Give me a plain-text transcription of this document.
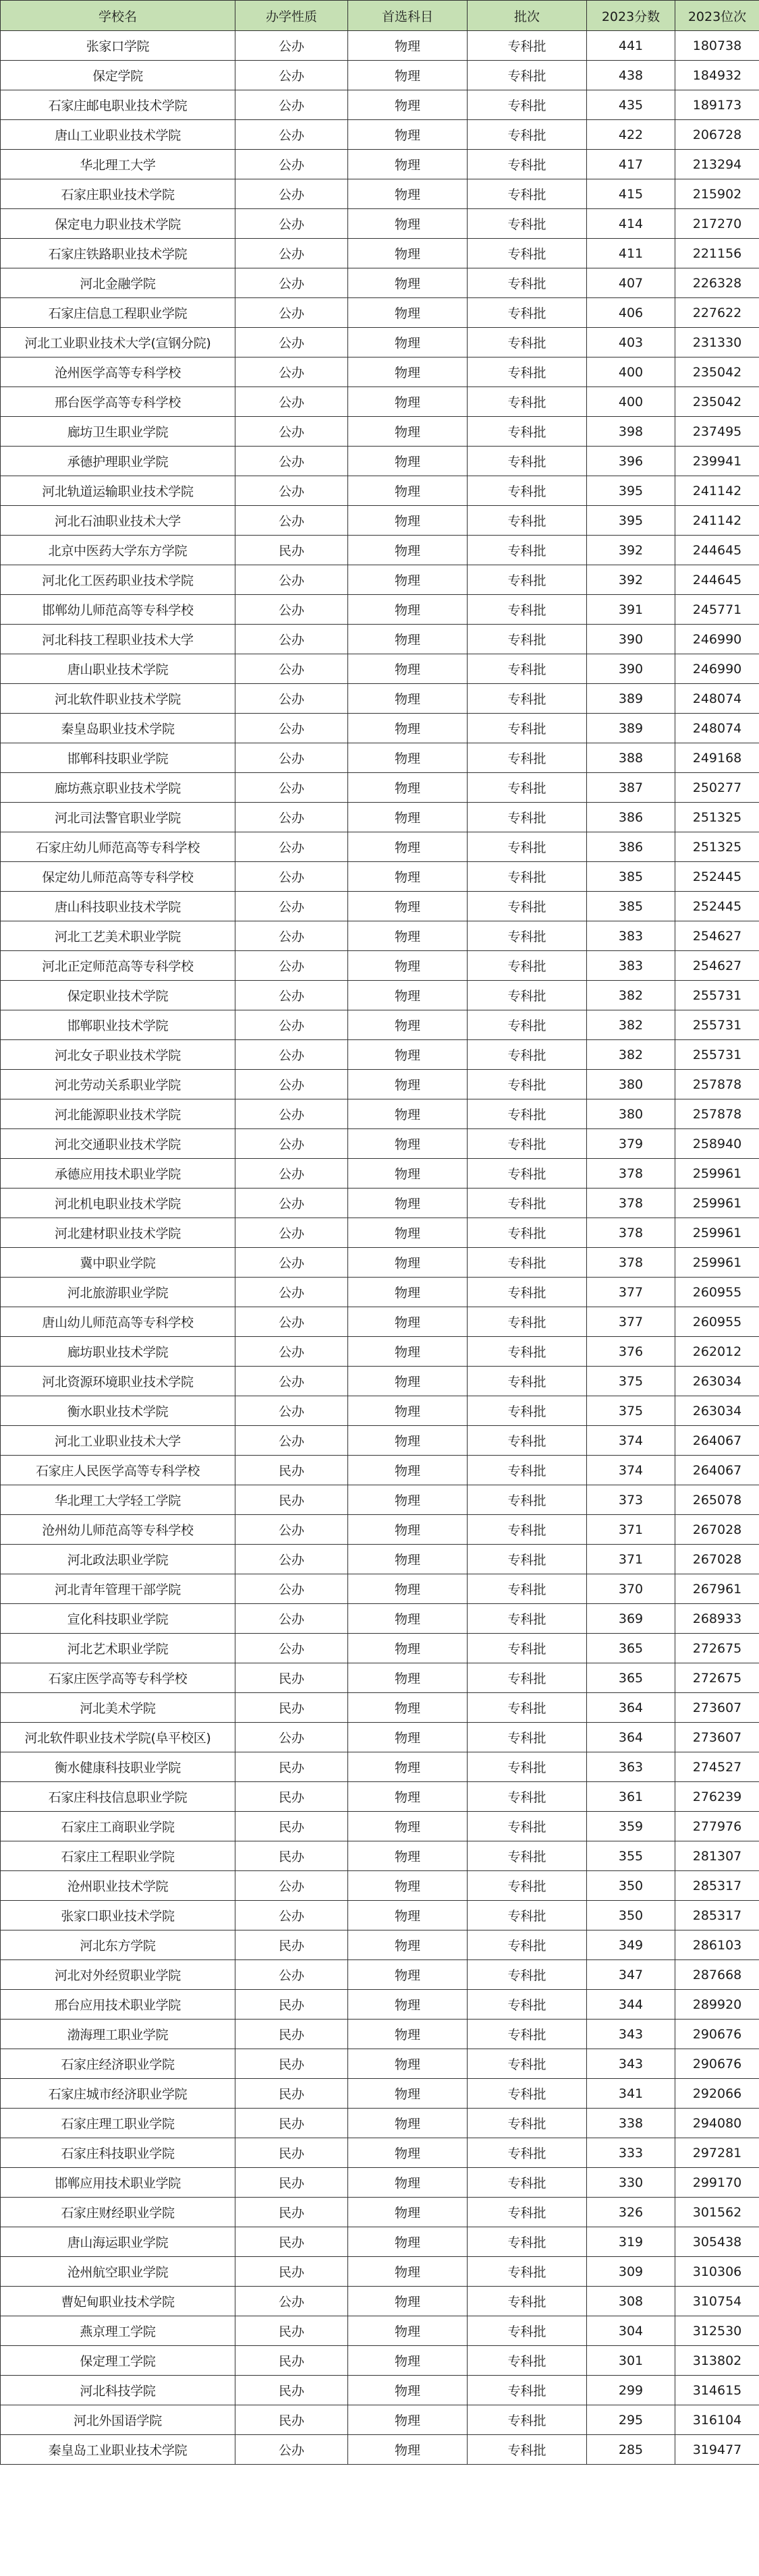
学校名	办学性质	首选科目	批次	2023分数	2023位次
张家口学院	公办	物理	专科批	441	180738
保定学院	公办	物理	专科批	438	184932
石家庄邮电职业技术学院	公办	物理	专科批	435	189173
唐山工业职业技术学院	公办	物理	专科批	422	206728
华北理工大学	公办	物理	专科批	417	213294
石家庄职业技术学院	公办	物理	专科批	415	215902
保定电力职业技术学院	公办	物理	专科批	414	217270
石家庄铁路职业技术学院	公办	物理	专科批	411	221156
河北金融学院	公办	物理	专科批	407	226328
石家庄信息工程职业学院	公办	物理	专科批	406	227622
河北工业职业技术大学(宣钢分院)	公办	物理	专科批	403	231330
沧州医学高等专科学校	公办	物理	专科批	400	235042
邢台医学高等专科学校	公办	物理	专科批	400	235042
廊坊卫生职业学院	公办	物理	专科批	398	237495
承德护理职业学院	公办	物理	专科批	396	239941
河北轨道运输职业技术学院	公办	物理	专科批	395	241142
河北石油职业技术大学	公办	物理	专科批	395	241142
北京中医药大学东方学院	民办	物理	专科批	392	244645
河北化工医药职业技术学院	公办	物理	专科批	392	244645
邯郸幼儿师范高等专科学校	公办	物理	专科批	391	245771
河北科技工程职业技术大学	公办	物理	专科批	390	246990
唐山职业技术学院	公办	物理	专科批	390	246990
河北软件职业技术学院	公办	物理	专科批	389	248074
秦皇岛职业技术学院	公办	物理	专科批	389	248074
邯郸科技职业学院	公办	物理	专科批	388	249168
廊坊燕京职业技术学院	公办	物理	专科批	387	250277
河北司法警官职业学院	公办	物理	专科批	386	251325
石家庄幼儿师范高等专科学校	公办	物理	专科批	386	251325
保定幼儿师范高等专科学校	公办	物理	专科批	385	252445
唐山科技职业技术学院	公办	物理	专科批	385	252445
河北工艺美术职业学院	公办	物理	专科批	383	254627
河北正定师范高等专科学校	公办	物理	专科批	383	254627
保定职业技术学院	公办	物理	专科批	382	255731
邯郸职业技术学院	公办	物理	专科批	382	255731
河北女子职业技术学院	公办	物理	专科批	382	255731
河北劳动关系职业学院	公办	物理	专科批	380	257878
河北能源职业技术学院	公办	物理	专科批	380	257878
河北交通职业技术学院	公办	物理	专科批	379	258940
承德应用技术职业学院	公办	物理	专科批	378	259961
河北机电职业技术学院	公办	物理	专科批	378	259961
河北建材职业技术学院	公办	物理	专科批	378	259961
冀中职业学院	公办	物理	专科批	378	259961
河北旅游职业学院	公办	物理	专科批	377	260955
唐山幼儿师范高等专科学校	公办	物理	专科批	377	260955
廊坊职业技术学院	公办	物理	专科批	376	262012
河北资源环境职业技术学院	公办	物理	专科批	375	263034
衡水职业技术学院	公办	物理	专科批	375	263034
河北工业职业技术大学	公办	物理	专科批	374	264067
石家庄人民医学高等专科学校	民办	物理	专科批	374	264067
华北理工大学轻工学院	民办	物理	专科批	373	265078
沧州幼儿师范高等专科学校	公办	物理	专科批	371	267028
河北政法职业学院	公办	物理	专科批	371	267028
河北青年管理干部学院	公办	物理	专科批	370	267961
宣化科技职业学院	公办	物理	专科批	369	268933
河北艺术职业学院	公办	物理	专科批	365	272675
石家庄医学高等专科学校	民办	物理	专科批	365	272675
河北美术学院	民办	物理	专科批	364	273607
河北软件职业技术学院(阜平校区)	公办	物理	专科批	364	273607
衡水健康科技职业学院	民办	物理	专科批	363	274527
石家庄科技信息职业学院	民办	物理	专科批	361	276239
石家庄工商职业学院	民办	物理	专科批	359	277976
石家庄工程职业学院	民办	物理	专科批	355	281307
沧州职业技术学院	公办	物理	专科批	350	285317
张家口职业技术学院	公办	物理	专科批	350	285317
河北东方学院	民办	物理	专科批	349	286103
河北对外经贸职业学院	公办	物理	专科批	347	287668
邢台应用技术职业学院	民办	物理	专科批	344	289920
渤海理工职业学院	民办	物理	专科批	343	290676
石家庄经济职业学院	民办	物理	专科批	343	290676
石家庄城市经济职业学院	民办	物理	专科批	341	292066
石家庄理工职业学院	民办	物理	专科批	338	294080
石家庄科技职业学院	民办	物理	专科批	333	297281
邯郸应用技术职业学院	民办	物理	专科批	330	299170
石家庄财经职业学院	民办	物理	专科批	326	301562
唐山海运职业学院	民办	物理	专科批	319	305438
沧州航空职业学院	民办	物理	专科批	309	310306
曹妃甸职业技术学院	公办	物理	专科批	308	310754
燕京理工学院	民办	物理	专科批	304	312530
保定理工学院	民办	物理	专科批	301	313802
河北科技学院	民办	物理	专科批	299	314615
河北外国语学院	民办	物理	专科批	295	316104
秦皇岛工业职业技术学院	公办	物理	专科批	285	319477
